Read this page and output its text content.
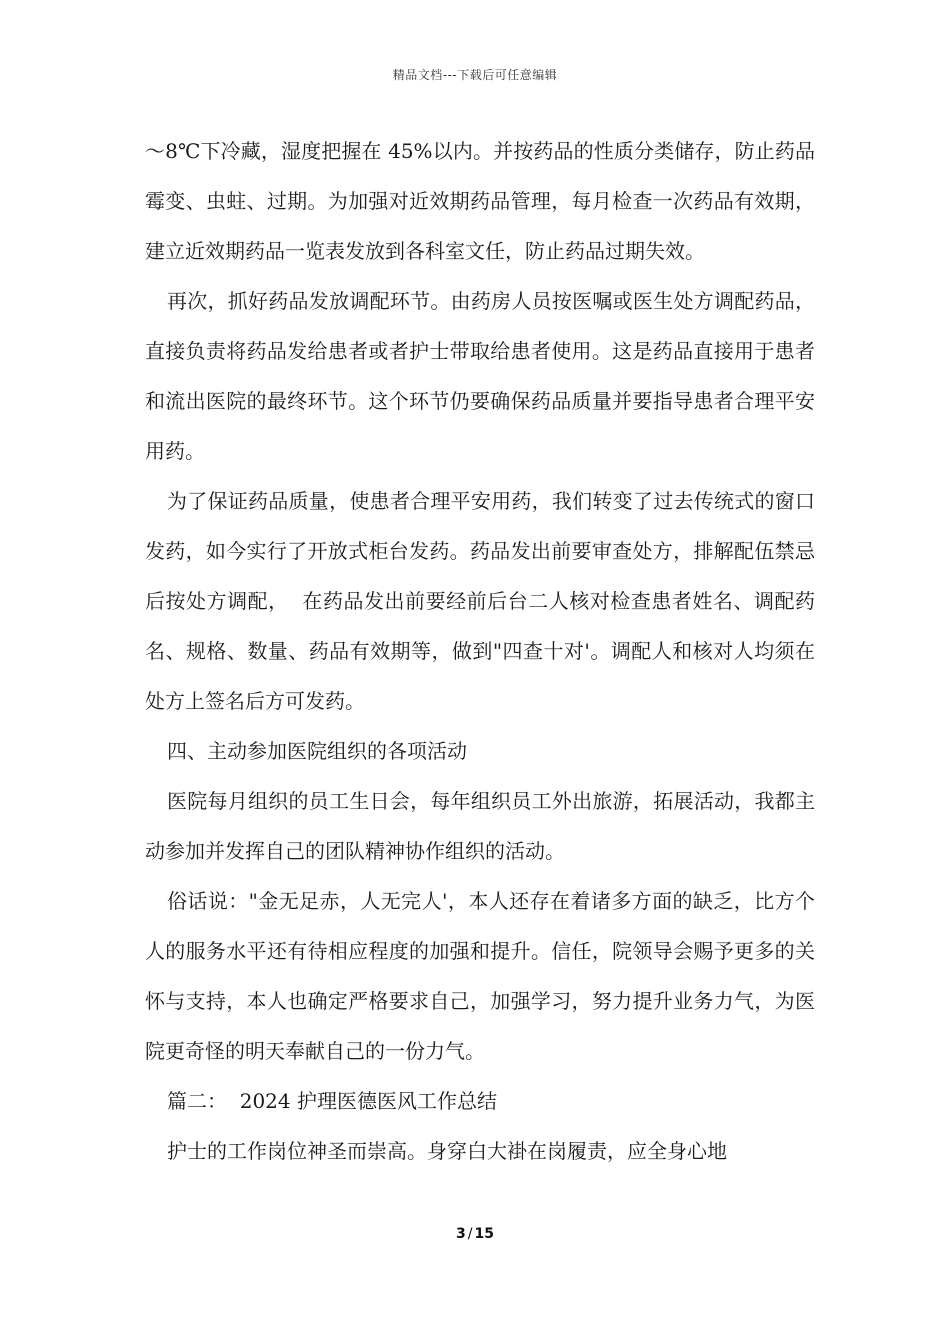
精品文档---下载后可任意编辑

～8℃下冷藏，湿度把握在 45%以内。并按药品的性质分类储存，防止药品霉变、虫蛀、过期。为加强对近效期药品管理，每月检查一次药品有效期，建立近效期药品一览表发放到各科室文任，防止药品过期失效。

再次，抓好药品发放调配环节。由药房人员按医嘱或医生处方调配药品，直接负责将药品发给患者或者护士带取给患者使用。这是药品直接用于患者和流出医院的最终环节。这个环节仍要确保药品质量并要指导患者合理平安用药。

为了保证药品质量，使患者合理平安用药，我们转变了过去传统式的窗口发药，如今实行了开放式柜台发药。药品发出前要审查处方，排解配伍禁忌后按处方调配，  在药品发出前要经前后台二人核对检查患者姓名、调配药名、规格、数量、药品有效期等，做到"四查十对'。调配人和核对人均须在处方上签名后方可发药。

四、主动参加医院组织的各项活动

医院每月组织的员工生日会，每年组织员工外出旅游，拓展活动，我都主动参加并发挥自己的团队精神协作组织的活动。

俗话说："金无足赤，人无完人'，本人还存在着诸多方面的缺乏，比方个人的服务水平还有待相应程度的加强和提升。信任，院领导会赐予更多的关怀与支持，本人也确定严格要求自己，加强学习，努力提升业务力气，为医院更奇怪的明天奉献自己的一份力气。

篇二：  2024 护理医德医风工作总结

护士的工作岗位神圣而崇高。身穿白大褂在岗履责，应全身心地

3 / 15
